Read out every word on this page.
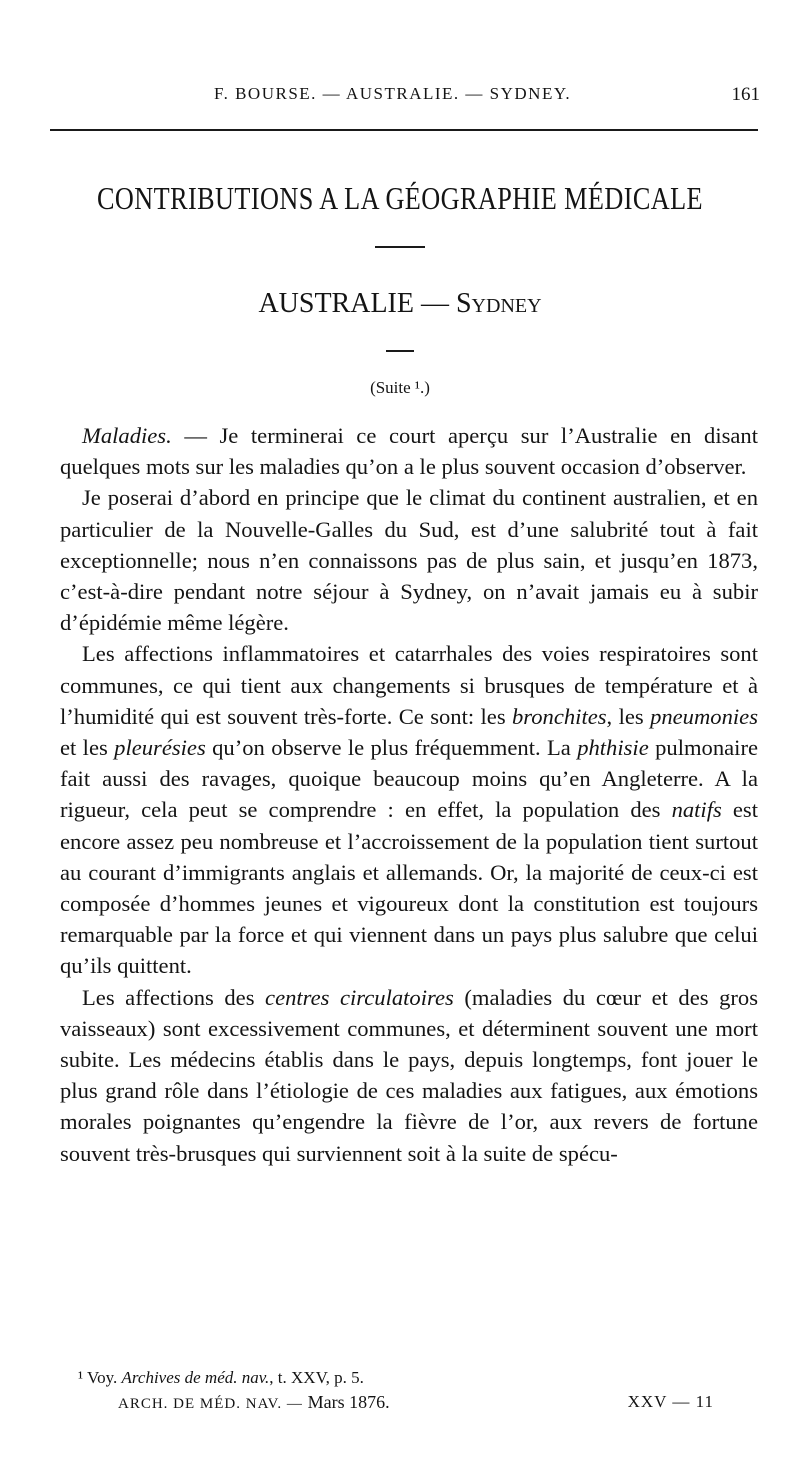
F. BOURSE. — AUSTRALIE. — SYDNEY.	161
CONTRIBUTIONS A LA GÉOGRAPHIE MÉDICALE
AUSTRALIE — Sydney
(Suite ¹.)

Maladies. — Je terminerai ce court aperçu sur l’Australie en disant quelques mots sur les maladies qu’on a le plus souvent occasion d’observer.

Je poserai d’abord en principe que le climat du continent australien, et en particulier de la Nouvelle-Galles du Sud, est d’une salubrité tout à fait exceptionnelle; nous n’en connaissons pas de plus sain, et jusqu’en 1873, c’est-à-dire pendant notre séjour à Sydney, on n’avait jamais eu à subir d’épidémie même légère.

Les affections inflammatoires et catarrhales des voies respiratoires sont communes, ce qui tient aux changements si brusques de température et à l’humidité qui est souvent très-forte. Ce sont: les bronchites, les pneumonies et les pleurésies qu’on observe le plus fréquemment. La phthisie pulmonaire fait aussi des ravages, quoique beaucoup moins qu’en Angleterre. A la rigueur, cela peut se comprendre : en effet, la population des natifs est encore assez peu nombreuse et l’accroissement de la population tient surtout au courant d’immigrants anglais et allemands. Or, la majorité de ceux-ci est composée d’hommes jeunes et vigoureux dont la constitution est toujours remarquable par la force et qui viennent dans un pays plus salubre que celui qu’ils quittent.

Les affections des centres circulatoires (maladies du cœur et des gros vaisseaux) sont excessivement communes, et déterminent souvent une mort subite. Les médecins établis dans le pays, depuis longtemps, font jouer le plus grand rôle dans l’étiologie de ces maladies aux fatigues, aux émotions morales poignantes qu’engendre la fièvre de l’or, aux revers de fortune souvent très-brusques qui surviennent soit à la suite de spécu-

¹ Voy. Archives de méd. nav., t. XXV, p. 5.
ARCH. DE MÉD. NAV. — Mars 1876.	XXV — 11
